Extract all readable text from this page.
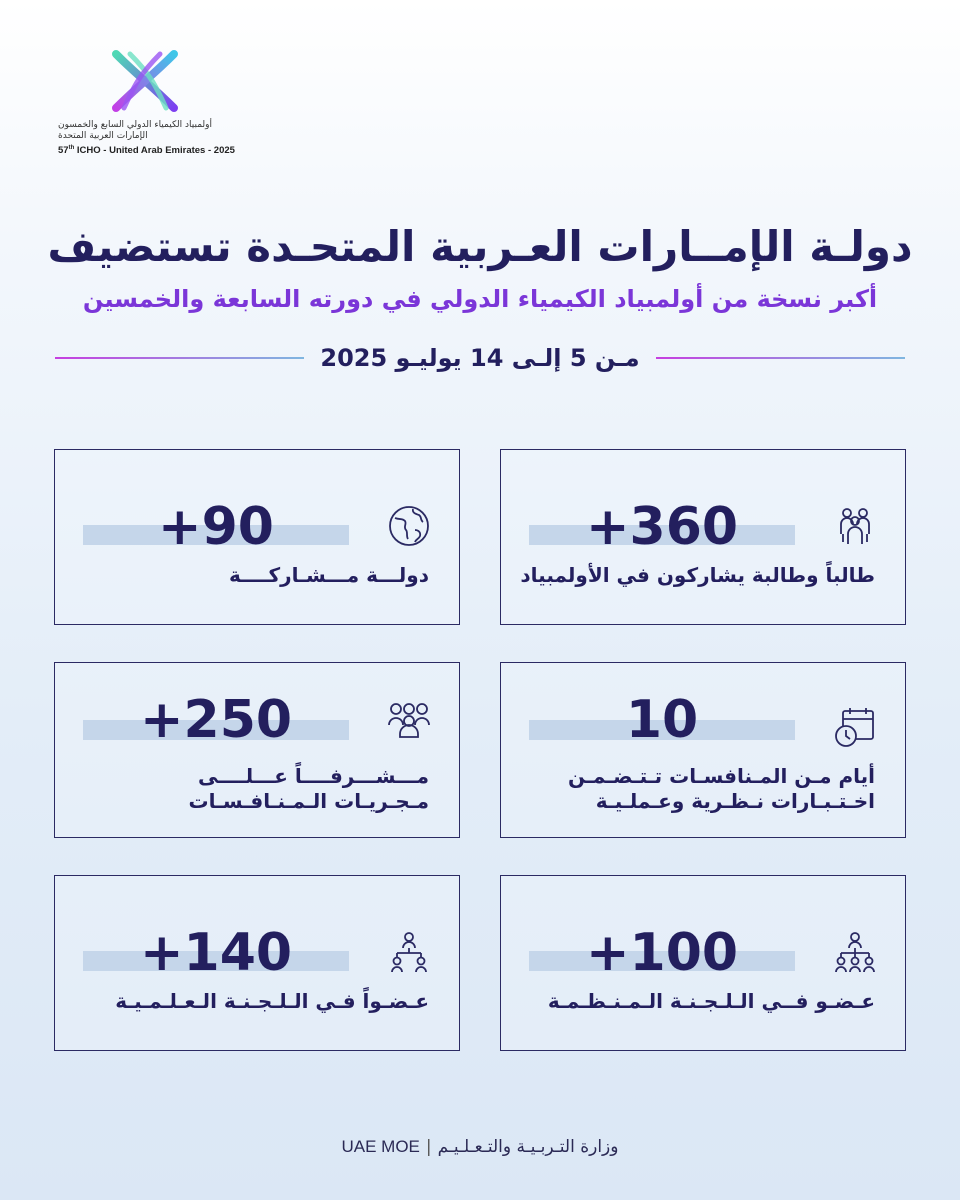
أولمبياد الكيمياء الدولي السابع والخمسون
الإمارات العربية المتحدة
57th ICHO - United Arab Emirates - 2025
دولـة الإمــارات العـربية المتحـدة تستضيف
أكبر نسخة من أولمبياد الكيمياء الدولي في دورته السابعة والخمسين
مـن 5 إلـى 14 يوليـو 2025
+360
طالباً وطالبة يشاركون في الأولمبياد
+90
دولـــة مـــشـاركــــة
10
أيام مـن المـنافسـات تـتـضـمـن
اخـتـبـارات نـظـرية وعـملـيـة
+250
مـــشـــرفــــاً عـــلــــى
مـجـريـات الـمـنـافـسـات
+100
عـضـو فــي الـلـجـنـة الـمـنـظـمـة
+140
عـضـواً فـي الـلـجـنـة الـعـلـمـيـة
UAE MOE | وزارة التـربـيـة والتـعـلـيـم
